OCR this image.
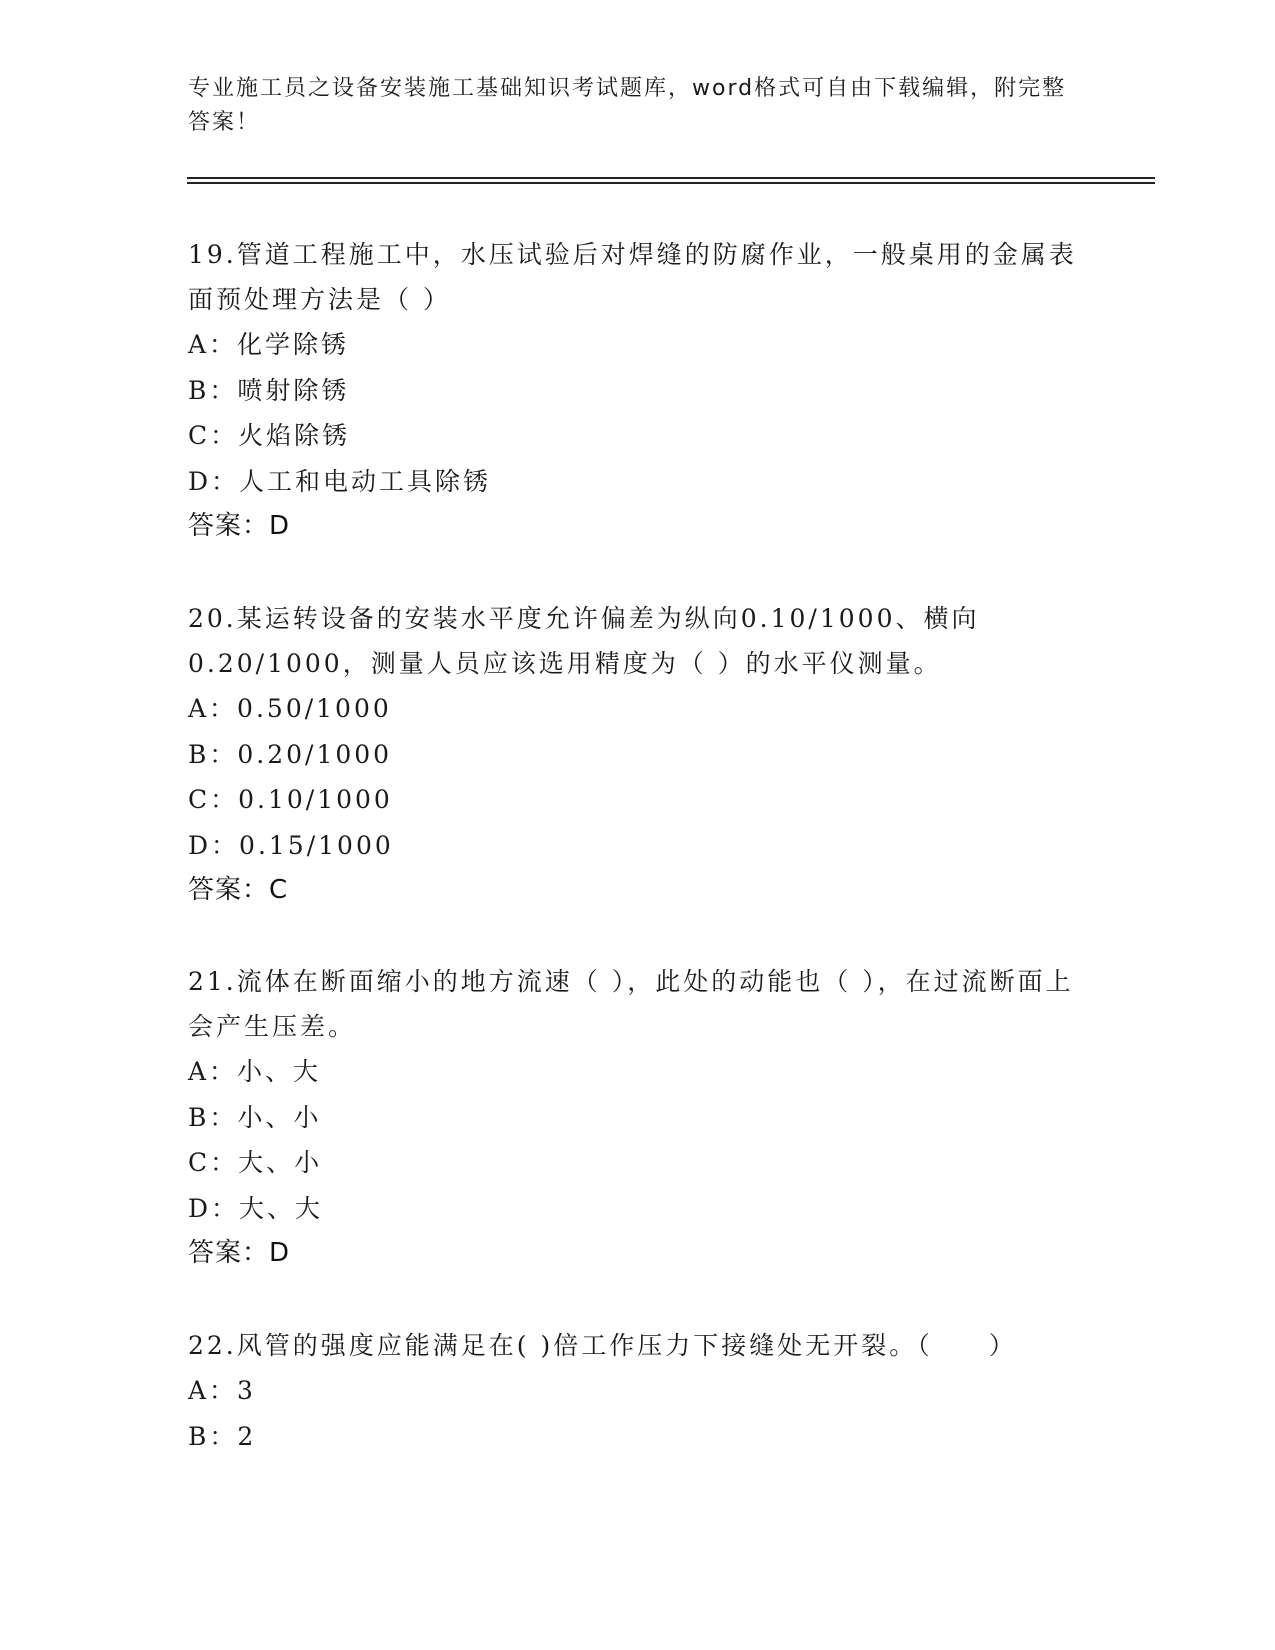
专业施工员之设备安装施工基础知识考试题库，word格式可自由下载编辑，附完整答案！
19.管道工程施工中，水压试验后对焊缝的防腐作业，一般桌用的金属表面预处理方法是（ ）
A：化学除锈
B：喷射除锈
C：火焰除锈
D：人工和电动工具除锈
答案：D
20.某运转设备的安装水平度允许偏差为纵向0.10/1000、横向0.20/1000，测量人员应该选用精度为（ ）的水平仪测量。
A：0.50/1000
B：0.20/1000
C：0.10/1000
D：0.15/1000
答案：C
21.流体在断面缩小的地方流速（ ），此处的动能也（ ），在过流断面上会产生压差。
A：小、大
B：小、小
C：大、小
D：大、大
答案：D
22.风管的强度应能满足在( )倍工作压力下接缝处无开裂。（　　）
A：3
B：2
